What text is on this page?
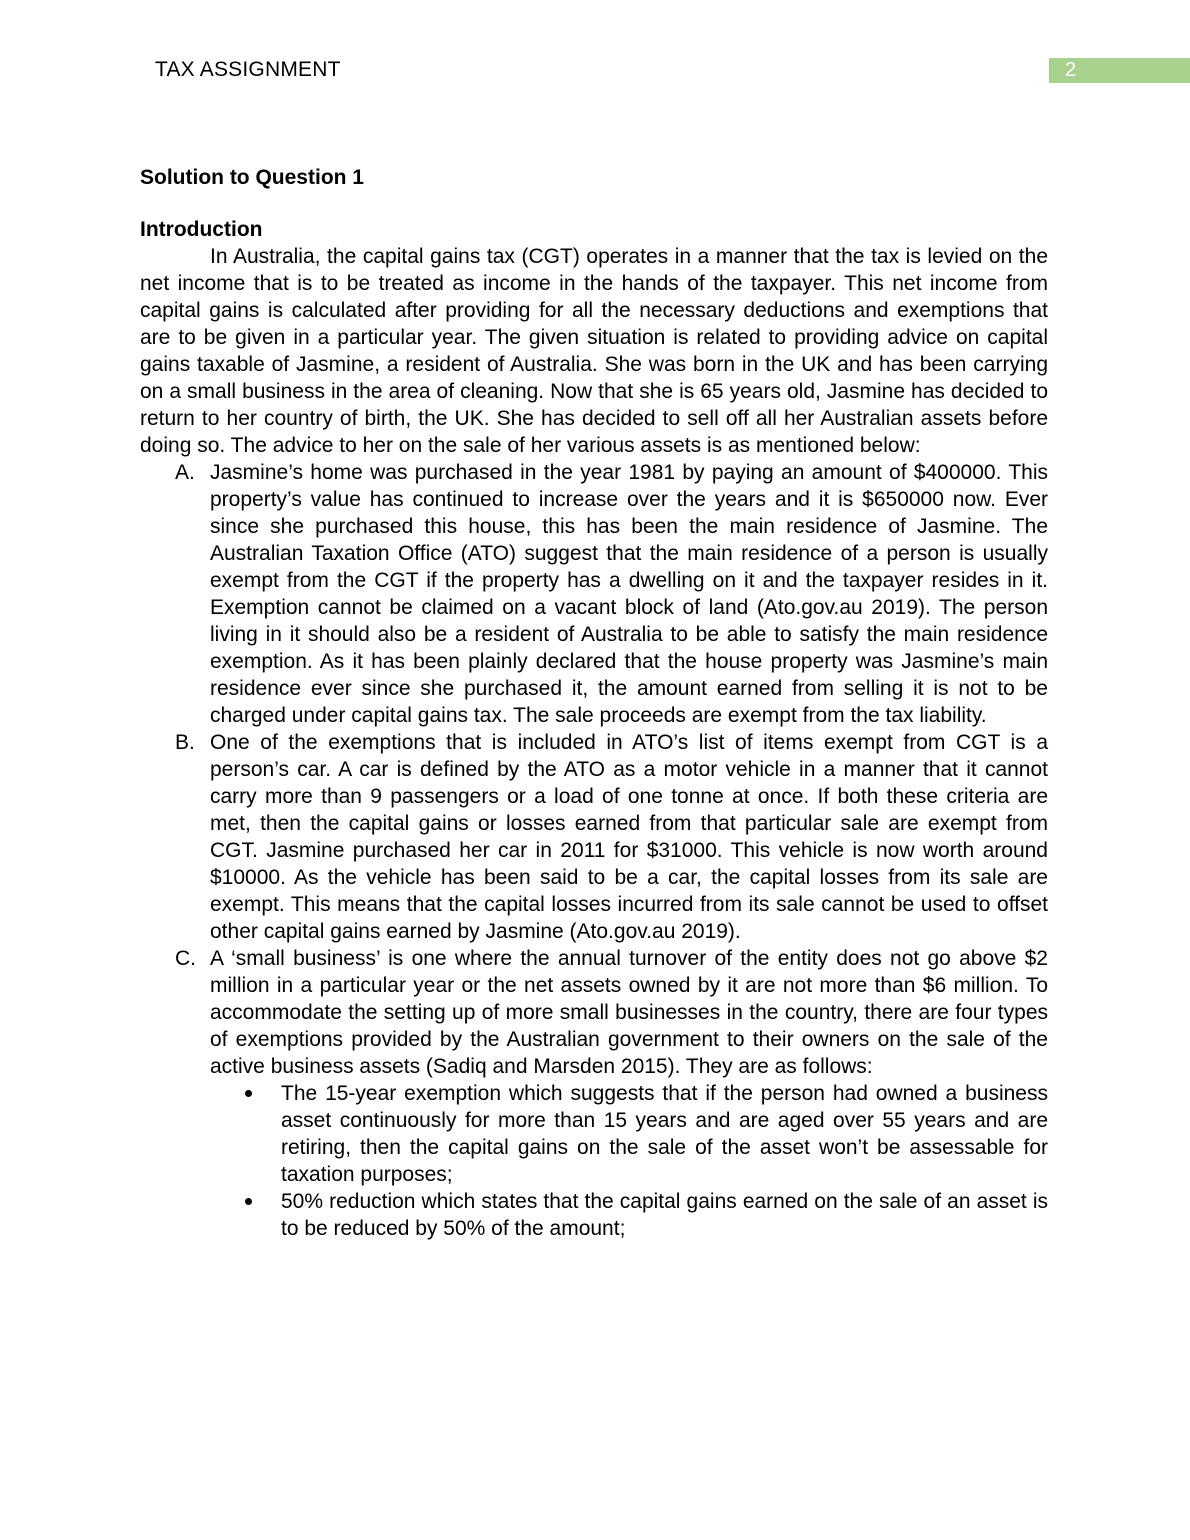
TAX ASSIGNMENT	2

Solution to Question 1

Introduction

In Australia, the capital gains tax (CGT) operates in a manner that the tax is levied on the net income that is to be treated as income in the hands of the taxpayer. This net income from capital gains is calculated after providing for all the necessary deductions and exemptions that are to be given in a particular year. The given situation is related to providing advice on capital gains taxable of Jasmine, a resident of Australia. She was born in the UK and has been carrying on a small business in the area of cleaning. Now that she is 65 years old, Jasmine has decided to return to her country of birth, the UK. She has decided to sell off all her Australian assets before doing so. The advice to her on the sale of her various assets is as mentioned below:

A. Jasmine’s home was purchased in the year 1981 by paying an amount of $400000. This property’s value has continued to increase over the years and it is $650000 now. Ever since she purchased this house, this has been the main residence of Jasmine. The Australian Taxation Office (ATO) suggest that the main residence of a person is usually exempt from the CGT if the property has a dwelling on it and the taxpayer resides in it. Exemption cannot be claimed on a vacant block of land (Ato.gov.au 2019). The person living in it should also be a resident of Australia to be able to satisfy the main residence exemption. As it has been plainly declared that the house property was Jasmine’s main residence ever since she purchased it, the amount earned from selling it is not to be charged under capital gains tax. The sale proceeds are exempt from the tax liability.
B. One of the exemptions that is included in ATO’s list of items exempt from CGT is a person’s car. A car is defined by the ATO as a motor vehicle in a manner that it cannot carry more than 9 passengers or a load of one tonne at once. If both these criteria are met, then the capital gains or losses earned from that particular sale are exempt from CGT. Jasmine purchased her car in 2011 for $31000. This vehicle is now worth around $10000. As the vehicle has been said to be a car, the capital losses from its sale are exempt. This means that the capital losses incurred from its sale cannot be used to offset other capital gains earned by Jasmine (Ato.gov.au 2019).
C. A ‘small business’ is one where the annual turnover of the entity does not go above $2 million in a particular year or the net assets owned by it are not more than $6 million. To accommodate the setting up of more small businesses in the country, there are four types of exemptions provided by the Australian government to their owners on the sale of the active business assets (Sadiq and Marsden 2015). They are as follows:
The 15-year exemption which suggests that if the person had owned a business asset continuously for more than 15 years and are aged over 55 years and are retiring, then the capital gains on the sale of the asset won’t be assessable for taxation purposes;
50% reduction which states that the capital gains earned on the sale of an asset is to be reduced by 50% of the amount;
